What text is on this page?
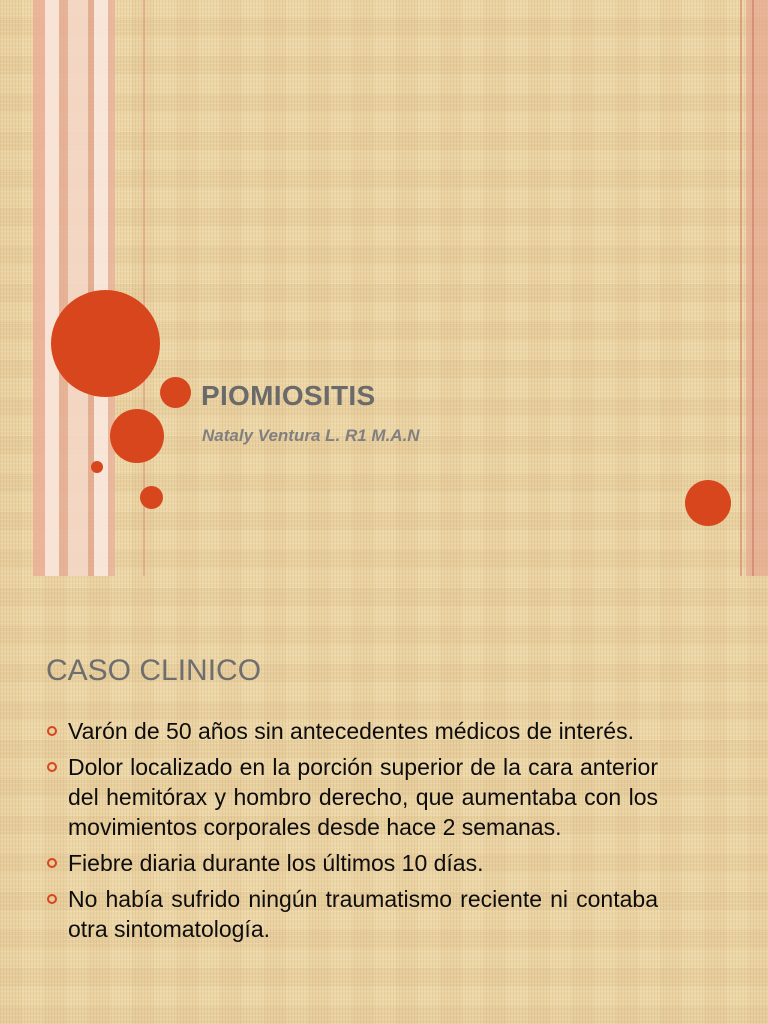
PIOMIOSITIS

Nataly Ventura L. R1 M.A.N

CASO CLINICO
Varón de 50 años sin antecedentes médicos de interés.
Dolor localizado en la porción superior de la cara anterior del hemitórax y hombro derecho, que aumentaba con los movimientos corporales desde hace 2 semanas.
Fiebre diaria durante los últimos 10 días.
No había sufrido ningún traumatismo reciente ni contaba otra sintomatología.
